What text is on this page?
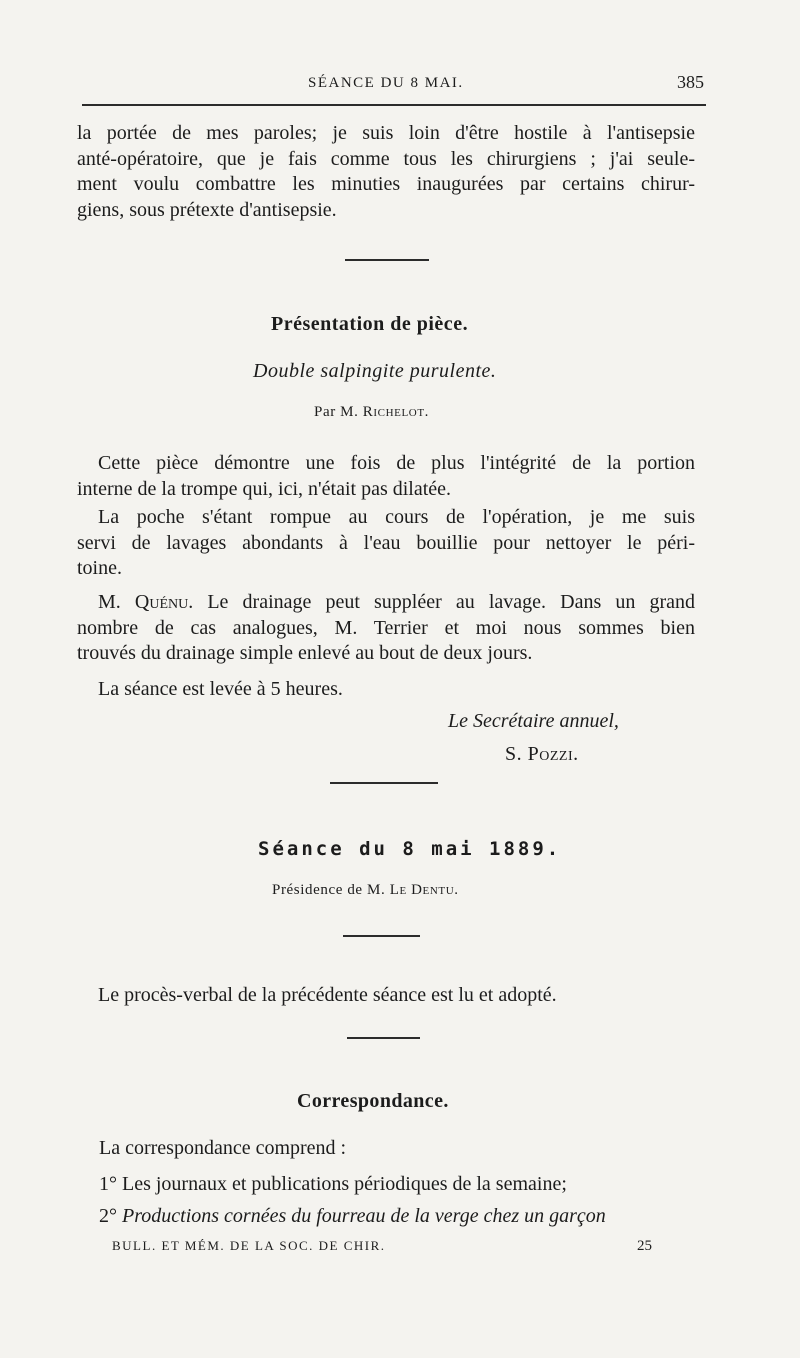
SÉANCE DU 8 MAI.	385
la portée de mes paroles; je suis loin d'être hostile à l'antisepsie
anté-opératoire, que je fais comme tous les chirurgiens ; j'ai seule-
ment voulu combattre les minuties inaugurées par certains chirur-
giens, sous prétexte d'antisepsie.
Présentation de pièce.
Double salpingite purulente.
Par M. Richelot.
Cette pièce démontre une fois de plus l'intégrité de la portion
interne de la trompe qui, ici, n'était pas dilatée.
La poche s'étant rompue au cours de l'opération, je me suis
servi de lavages abondants à l'eau bouillie pour nettoyer le péri-
toine.
M. Quénu. Le drainage peut suppléer au lavage. Dans un grand
nombre de cas analogues, M. Terrier et moi nous sommes bien
trouvés du drainage simple enlevé au bout de deux jours.
La séance est levée à 5 heures.
Le Secrétaire annuel,
S. Pozzi.
Séance du 8 mai 1889.
Présidence de M. Le Dentu.
Le procès-verbal de la précédente séance est lu et adopté.
Correspondance.
La correspondance comprend :
1° Les journaux et publications périodiques de la semaine;
2° Productions cornées du fourreau de la verge chez un garçon
BULL. ET MÉM. DE LA SOC. DE CHIR.	25
